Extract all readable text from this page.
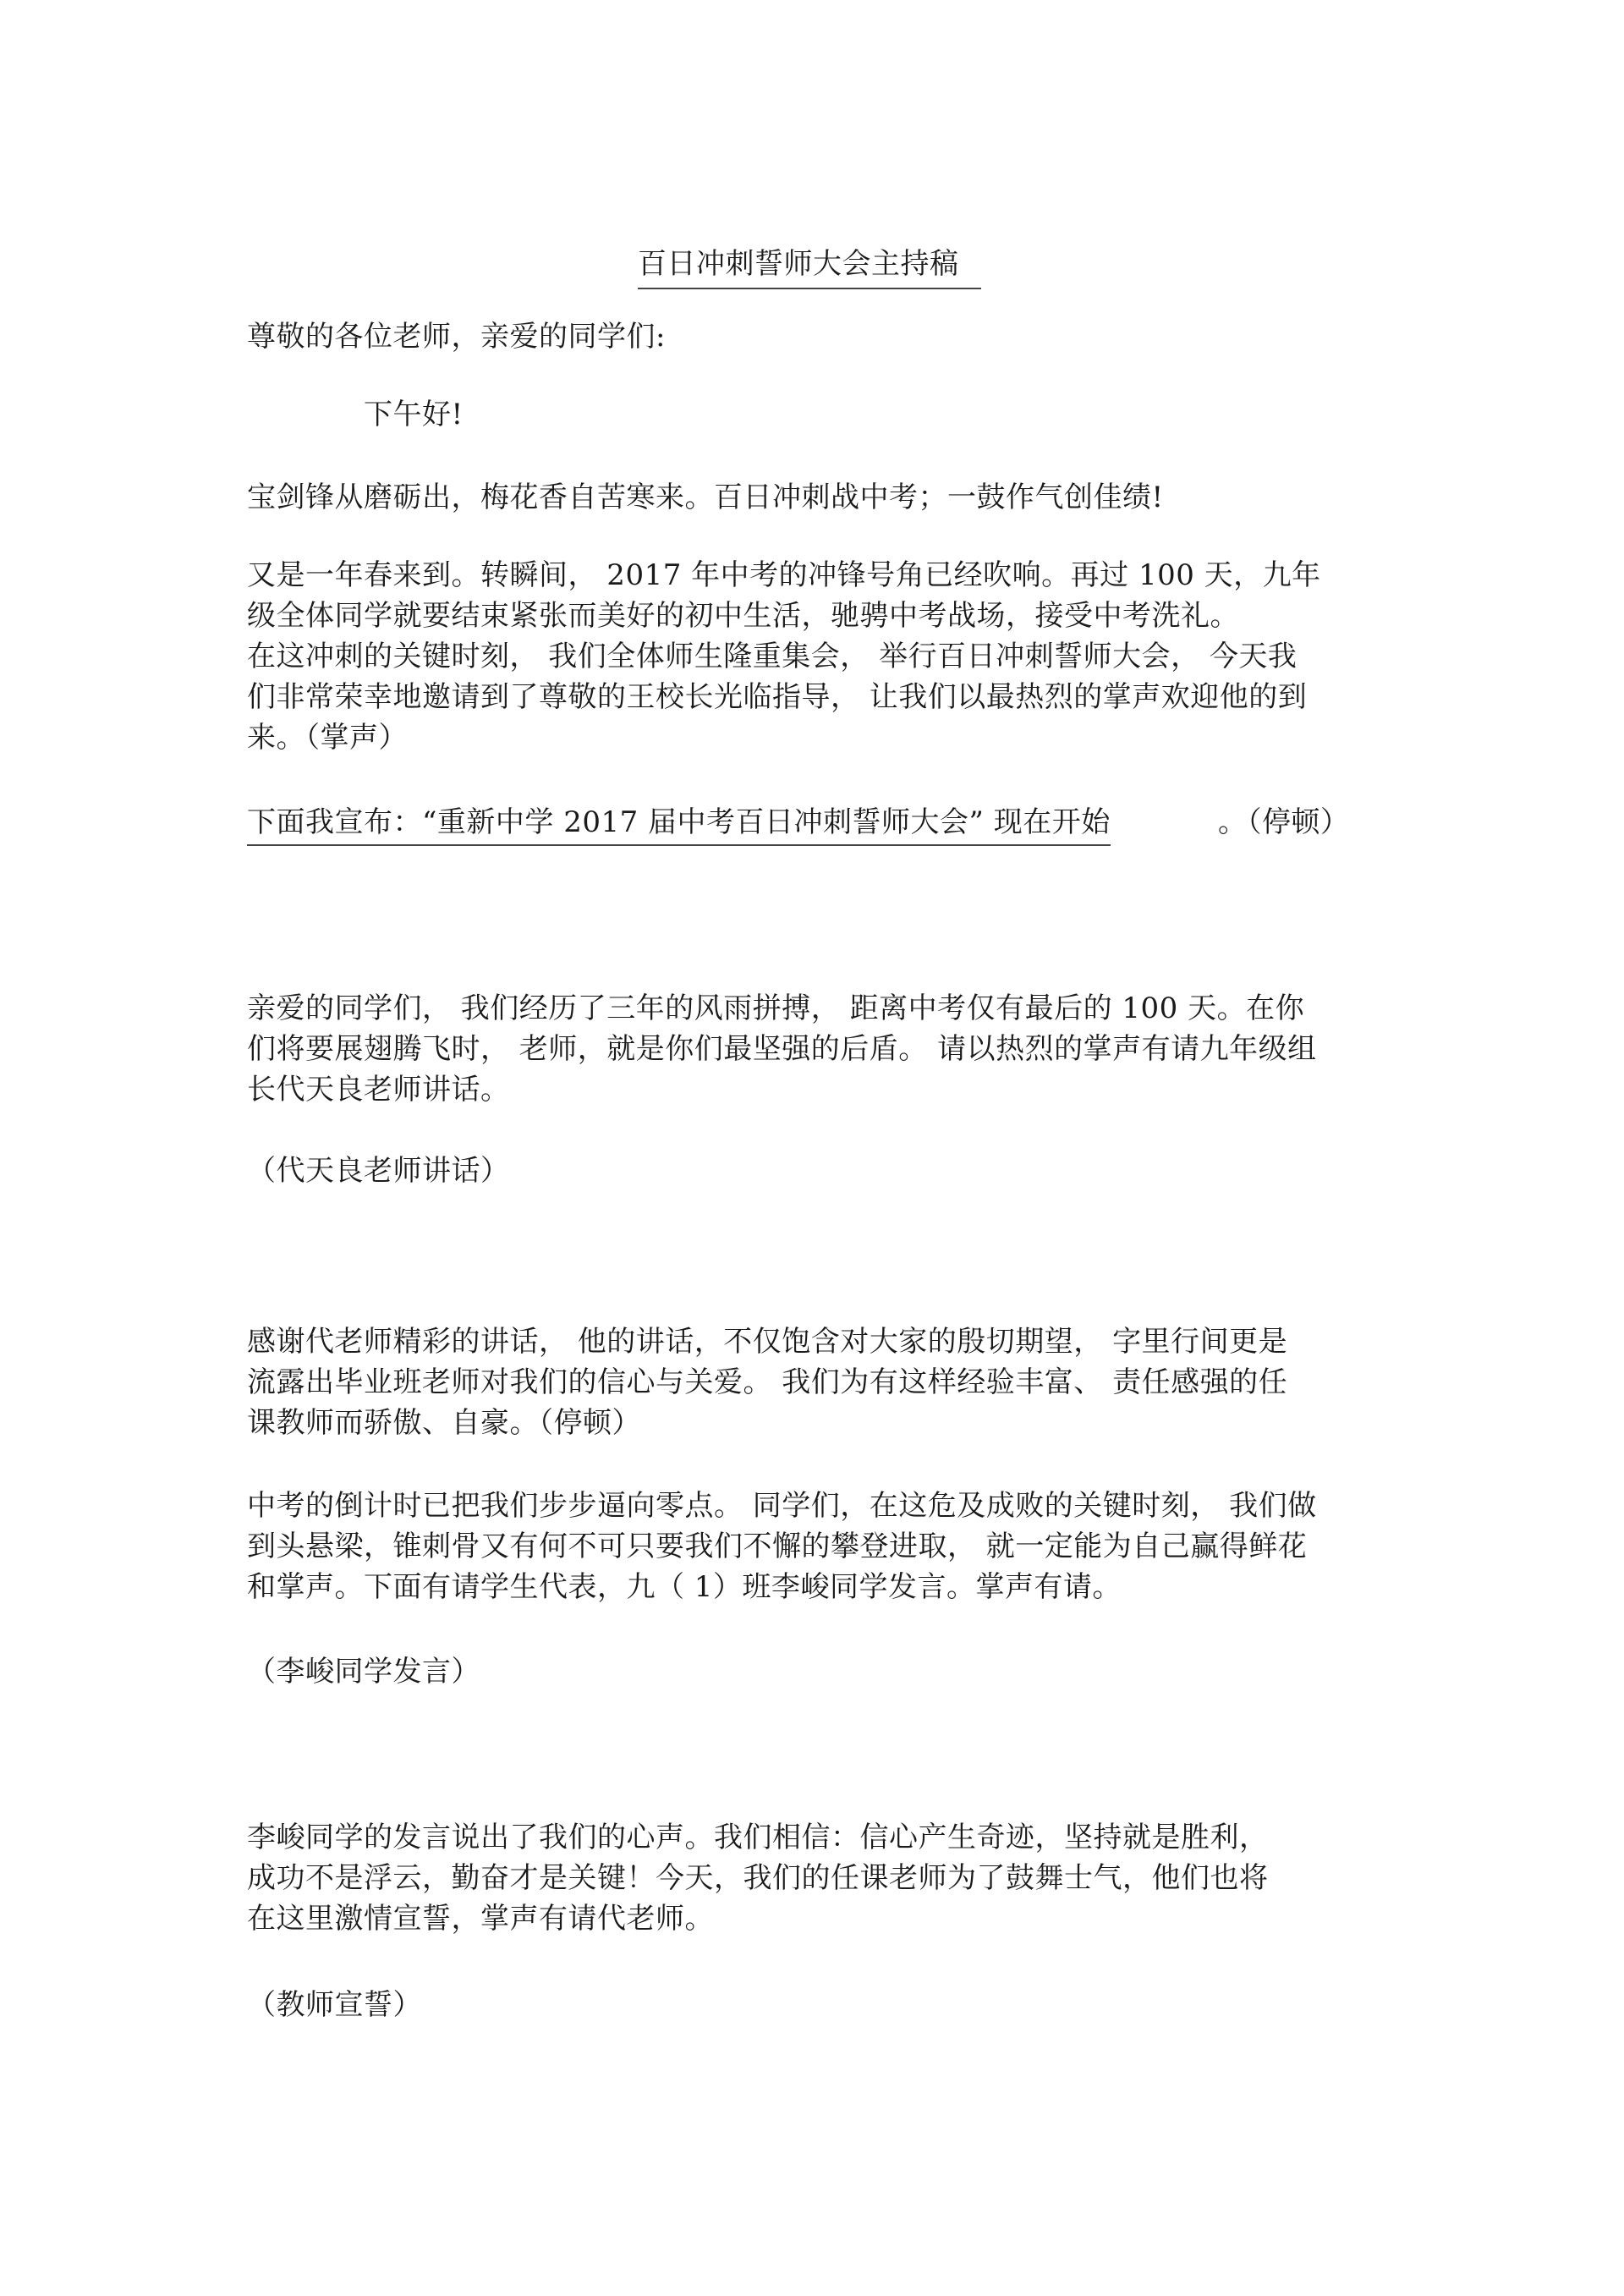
百日冲刺誓师大会主持稿

尊敬的各位老师，亲爱的同学们:

下午好!

宝剑锋从磨砺出，梅花香自苦寒来。百日冲刺战中考；一鼓作气创佳绩!

又是一年春来到。转瞬间， 2017 年中考的冲锋号角已经吹响。再过 100 天，九年

级全体同学就要结束紧张而美好的初中生活，驰骋中考战场，接受中考洗礼。

在这冲刺的关键时刻， 我们全体师生隆重集会， 举行百日冲刺誓师大会， 今天我

们非常荣幸地邀请到了尊敬的王校长光临指导， 让我们以最热烈的掌声欢迎他的到

来。（掌声）

下面我宣布：“重新中学 2017 届中考百日冲刺誓师大会” 现在开始	。（停顿）

亲爱的同学们， 我们经历了三年的风雨拼搏， 距离中考仅有最后的 100 天。在你

们将要展翅腾飞时， 老师，就是你们最坚强的后盾。 请以热烈的掌声有请九年级组

长代天良老师讲话。

（代天良老师讲话）

感谢代老师精彩的讲话， 他的讲话，不仅饱含对大家的殷切期望， 字里行间更是

流露出毕业班老师对我们的信心与关爱。 我们为有这样经验丰富、 责任感强的任

课教师而骄傲、自豪。（停顿）

中考的倒计时已把我们步步逼向零点。 同学们，在这危及成败的关键时刻， 我们做

到头悬梁，锥刺骨又有何不可只要我们不懈的攀登进取， 就一定能为自己赢得鲜花

和掌声。下面有请学生代表，九（ 1）班李峻同学发言。掌声有请。

（李峻同学发言）

李峻同学的发言说出了我们的心声。我们相信：信心产生奇迹，坚持就是胜利，

成功不是浮云，勤奋才是关键！今天，我们的任课老师为了鼓舞士气，他们也将

在这里激情宣誓，掌声有请代老师。

（教师宣誓）
